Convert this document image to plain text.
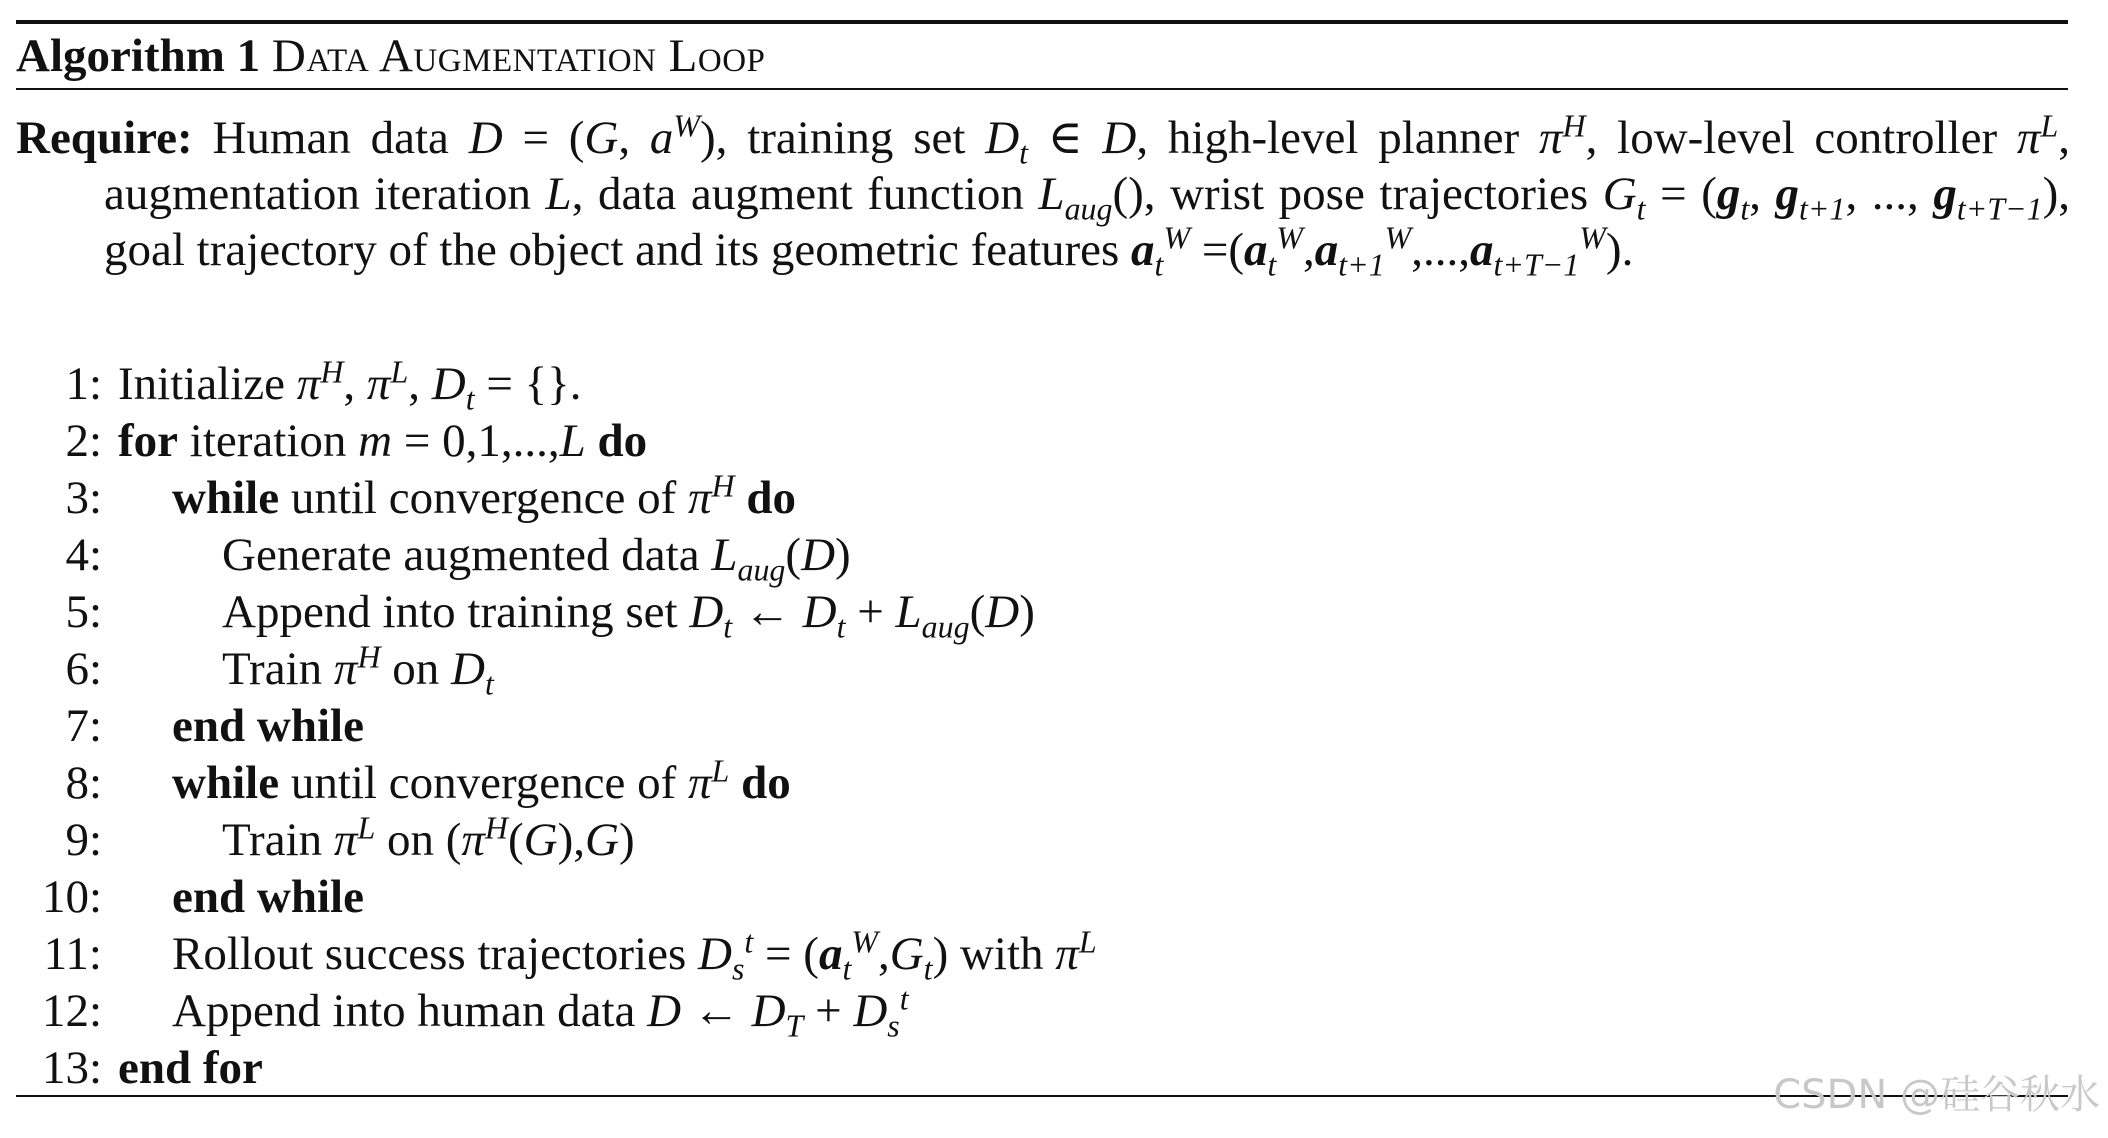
Algorithm 1 Data Augmentation Loop
Require: Human data D = (G, $a^W$), training set $D_t$ ∈ D, high-level planner $\pi^H$, low-level controller $\pi^L$, augmentation iteration L, data augment function $L_{aug}()$, wrist pose trajectories $G_t = (g_t$, $g_{t+1}$, ..., $g_{t+T-1}$), goal trajectory of the object and its geometric features $a_t^W =(a_t^W,a_{t+1}^W,...,a_{t+T-1}^W)$.
1: Initialize $\pi^H$, $\pi^L$, $D_t$ = {}.
2: for iteration m = 0,1,...,L do
3: while until convergence of $\pi^H$ do
4:	Generate augmented data $L_{aug}(D)$
5:	Append into training set $D_t$ ← $D_t + L_{aug}(D)$
6:	Train $\pi^H$ on $D_t$
7: end while
8: while until convergence of $\pi^L$ do
9:	Train $\pi^L$ on $(\pi^H(G),G)$
10: end while
11: Rollout success trajectories $D_s^t = (a_t^W,G_t)$ with $\pi^L$
12: Append into human data D ← $D_T + D_s^t$
13: end for
CSDN @硅谷秋水
